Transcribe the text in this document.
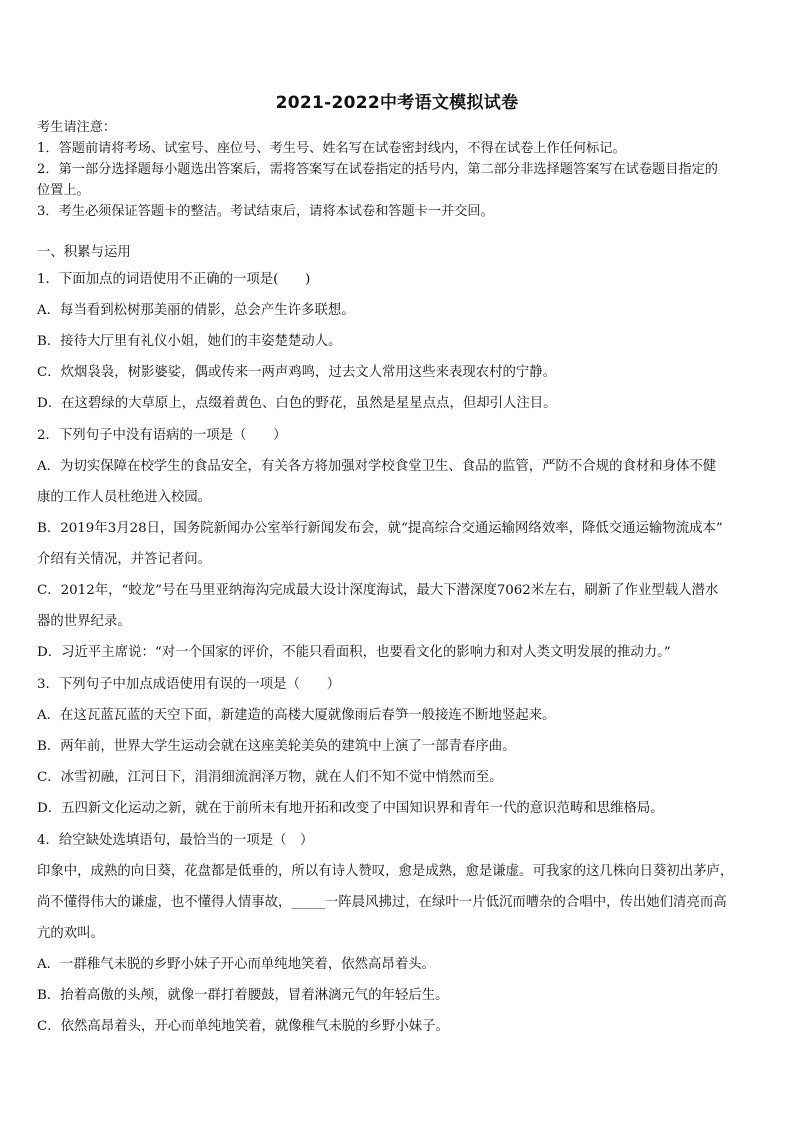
2021-2022中考语文模拟试卷
考生请注意：
1．答题前请将考场、试室号、座位号、考生号、姓名写在试卷密封线内，不得在试卷上作任何标记。
2．第一部分选择题每小题选出答案后，需将答案写在试卷指定的括号内，第二部分非选择题答案写在试卷题目指定的
位置上。
3．考生必须保证答题卡的整洁。考试结束后，请将本试卷和答题卡一并交回。
一、积累与运用
1．下面加点的词语使用不正确的一项是(　　)
A．每当看到松树那美丽的倩影，总会产生许多联想。
B．接待大厅里有礼仪小姐，她们的丰姿楚楚动人。
C．炊烟袅袅，树影婆娑，偶或传来一两声鸡鸣，过去文人常用这些来表现农村的宁静。
D．在这碧绿的大草原上，点缀着黄色、白色的野花，虽然是星星点点，但却引人注目。
2．下列句子中没有语病的一项是（　　）
A．为切实保障在校学生的食品安全，有关各方将加强对学校食堂卫生、食品的监管，严防不合规的食材和身体不健
康的工作人员杜绝进入校园。
B．2019年3月28日，国务院新闻办公室举行新闻发布会，就“提高综合交通运输网络效率，降低交通运输物流成本”
介绍有关情况，并答记者问。
C．2012年，“蛟龙”号在马里亚纳海沟完成最大设计深度海试，最大下潜深度7062米左右，刷新了作业型载人潜水
器的世界纪录。
D．习近平主席说：“对一个国家的评价，不能只看面积，也要看文化的影响力和对人类文明发展的推动力。”
3．下列句子中加点成语使用有误的一项是（　　）
A．在这瓦蓝瓦蓝的天空下面，新建造的高楼大厦就像雨后春笋一般接连不断地竖起来。
B．两年前，世界大学生运动会就在这座美轮美奂的建筑中上演了一部青春序曲。
C．冰雪初融，江河日下，涓涓细流润泽万物，就在人们不知不觉中悄然而至。
D．五四新文化运动之新，就在于前所未有地开拓和改变了中国知识界和青年一代的意识范畴和思维格局。
4．给空缺处选填语句，最恰当的一项是（　）
印象中，成熟的向日葵，花盘都是低垂的，所以有诗人赞叹，愈是成熟，愈是谦虚。可我家的这几株向日葵初出茅庐，
尚不懂得伟大的谦虚，也不懂得人情事故，_____一阵晨风拂过，在绿叶一片低沉而嘈杂的合唱中，传出她们清亮而高
亢的欢叫。
A．一群稚气未脱的乡野小妹子开心而单纯地笑着，依然高昂着头。
B．抬着高傲的头颅，就像一群打着腰鼓，冒着淋漓元气的年轻后生。
C．依然高昂着头，开心而单纯地笑着，就像稚气未脱的乡野小妹子。
